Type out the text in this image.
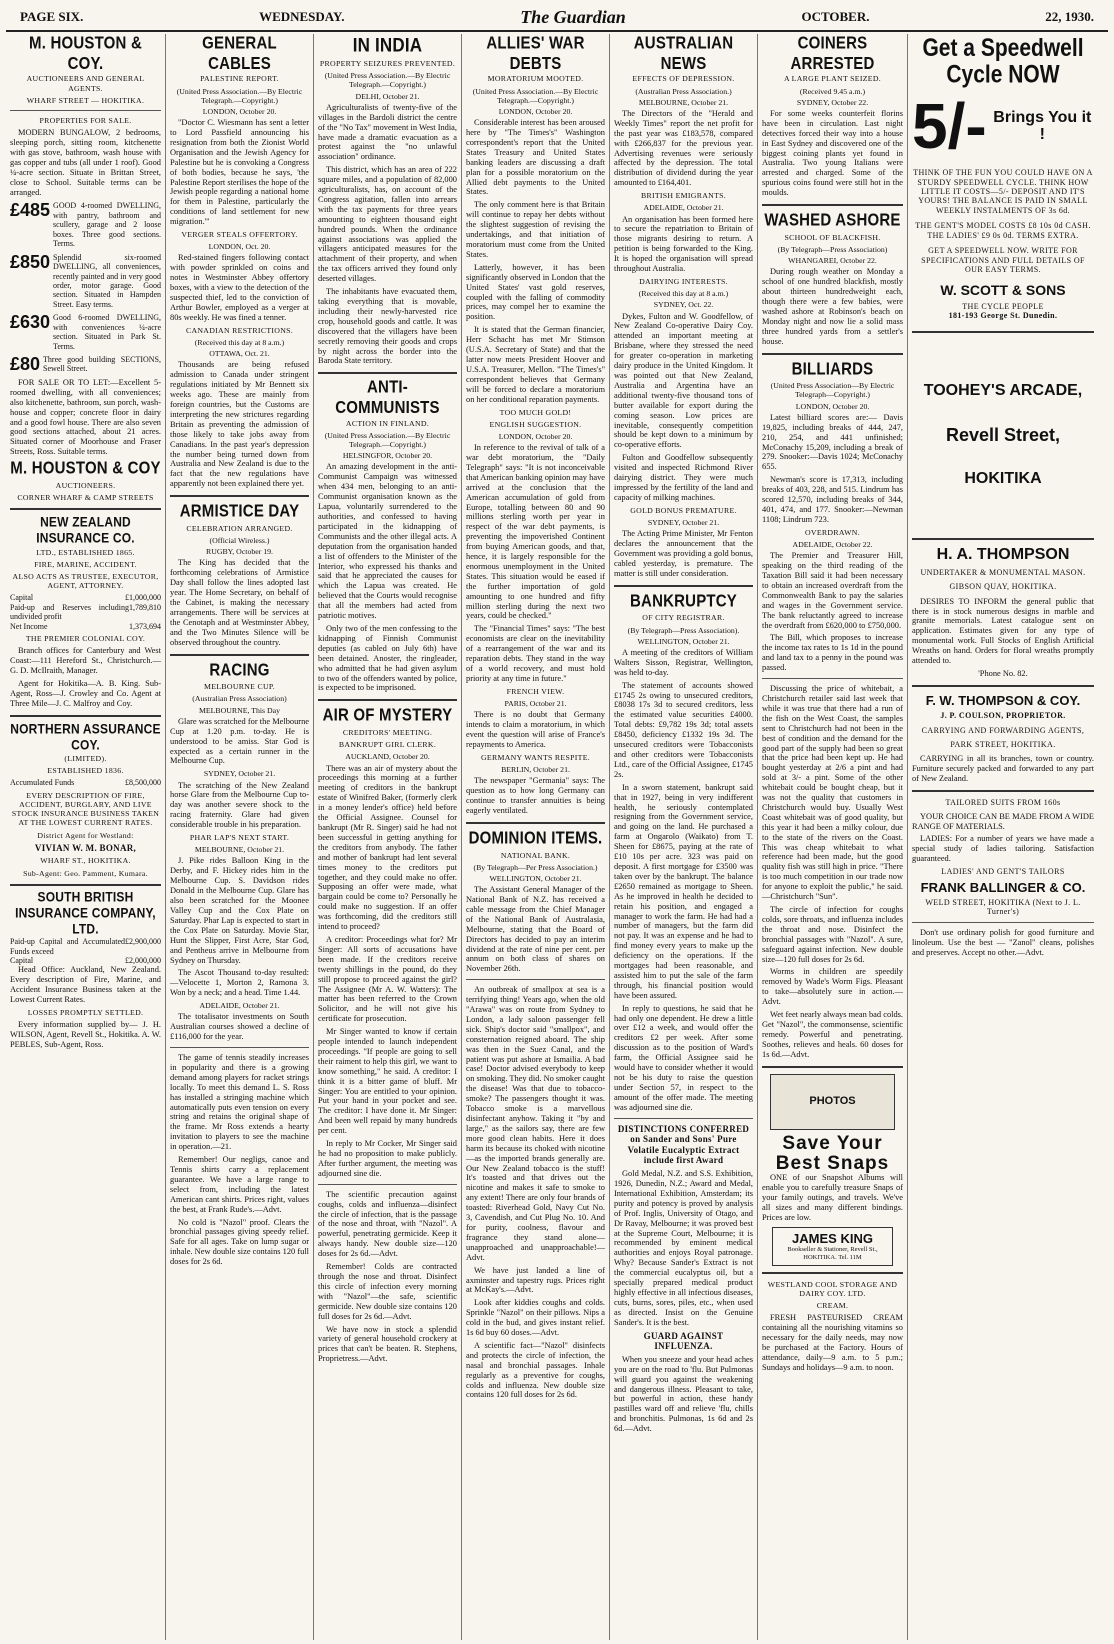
PAGE SIX.	WEDNESDAY.	The Guardian	OCTOBER.	22, 1930.
M. HOUSTON & COY.
AUCTIONEERS AND GENERAL AGENTS.
WHARF STREET — HOKITIKA.
PROPERTIES FOR SALE.

MODERN BUNGALOW, 2 bedrooms, sleeping porch, sitting room, kitchenette with gas stove, bathroom, wash house with gas copper and tubs (all under 1 roof). Good ¼-acre section. Situate in Brittan Street, close to School. Suitable terms can be arranged.

£485 GOOD 4-roomed DWELLING, with pantry, bathroom and scullery, garage and 2 loose boxes. Three good sections. Terms.
£850 Splendid six-roomed DWELLING, all conveniences, recently painted and in very good order, motor garage. Good section. Situated in Hampden Street. Easy terms.
£630 Good 6-roomed DWELLING, with conveniences ¼-acre section. Situated in Park St. Terms.
£80 Three good building SECTIONS, Sewell Street.

FOR SALE OR TO LET:—Excellent 5-roomed dwelling, with all conveniences; also kitchenette, bathroom, sun porch, wash-house and copper; concrete floor in dairy and a good fowl house. There are also seven good sections attached, about 21 acres. Situated corner of Moorhouse and Fraser Streets, Ross. Suitable terms.

M. HOUSTON & COY
AUCTIONEERS.
CORNER WHARF & CAMP STREETS
NEW ZEALAND INSURANCE CO.
LTD., ESTABLISHED 1865.
FIRE, MARINE, ACCIDENT.
ALSO ACTS AS TRUSTEE, EXECUTOR, AGENT, ATTORNEY.
Capital	£1,000,000
Paid-up and Reserves including undivided profit
1,789,810
Net Income	1,373,694
THE PREMIER COLONIAL COY.

Branch offices for Canterbury and West Coast:—111 Hereford St., Christchurch.—G. D. McIlraith, Manager.

Agent for Hokitika—A. B. King. Sub-Agent, Ross—J. Crowley and Co. Agent at Three Mile—J. C. Malfroy and Coy.

NORTHERN ASSURANCE COY.
(LIMITED).
ESTABLISHED 1836.
Accumulated Funds	£8,500,000
EVERY DESCRIPTION OF FIRE, ACCIDENT, BURGLARY, AND LIVE STOCK INSURANCE BUSINESS TAKEN AT THE LOWEST CURRENT RATES.
District Agent for Westland:
VIVIAN W. M. BONAR,
WHARF ST., HOKITIKA.
Sub-Agent: Geo. Pamment, Kumara.
SOUTH BRITISH INSURANCE COMPANY, LTD.
Paid-up Capital and Accumulated Funds exceed
£2,900,000
Capital	£2,000,000

Head Office: Auckland, New Zealand. Every description of Fire, Marine, and Accident Insurance Business taken at the Lowest Current Rates.

LOSSES PROMPTLY SETTLED.

Every information supplied by— J. H. WILSON, Agent, Revell St., Hokitika. A. W. PEBLES, Sub-Agent, Ross.

GENERAL CABLES
PALESTINE REPORT.
(United Press Association.—By Electric Telegraph.—Copyright.)
LONDON, October 20.

"Doctor C. Wiesmann has sent a letter to Lord Passfield announcing his resignation from both the Zionist World Organisation and the Jewish Agency for Palestine but he is convoking a Congress of both bodies, because he says, 'the Palestine Report sterilises the hope of the Jewish people regarding a national home for them in Palestine, particularly the conditions of land settlement for new migration.'"

VERGER STEALS OFFERTORY.
LONDON, Oct. 20.

Red-stained fingers following contact with powder sprinkled on coins and notes in Westminster Abbey offertory boxes, with a view to the detection of the suspected thief, led to the conviction of Arthur Bowler, employed as a verger at 80s weekly. He was fined a tenner.

CANADIAN RESTRICTIONS.
(Received this day at 8 a.m.)
OTTAWA, Oct. 21.

Thousands are being refused admission to Canada under stringent regulations initiated by Mr Bennett six weeks ago. These are mainly from foreign countries, but the Customs are interpreting the new strictures regarding Britain as preventing the admission of those likely to take jobs away from Canadians. In the past year's depression the number being turned down from Australia and New Zealand is due to the fact that the new regulations have apparently not been explained there yet.

ARMISTICE DAY
CELEBRATION ARRANGED.
(Official Wireless.)
RUGBY, October 19.

The King has decided that the forthcoming celebrations of Armistice Day shall follow the lines adopted last year. The Home Secretary, on behalf of the Cabinet, is making the necessary arrangements. There will be services at the Cenotaph and at Westminster Abbey, and the Two Minutes Silence will be observed throughout the country.

RACING
MELBOURNE CUP.
(Australian Press Association)
MELBOURNE, This Day

Glare was scratched for the Melbourne Cup at 1.20 p.m. to-day. He is understood to be amiss. Star God is expected as a certain runner in the Melbourne Cup.

SYDNEY, October 21.

The scratching of the New Zealand horse Glare from the Melbourne Cup to-day was another severe shock to the racing fraternity. Glare had given considerable trouble in his preparation.

PHAR LAP'S NEXT START.
MELBOURNE, October 21.

J. Pike rides Balloon King in the Derby, and F. Hickey rides him in the Melbourne Cup. S. Davidson rides Donald in the Melbourne Cup. Glare has also been scratched for the Moonee Valley Cup and the Cox Plate on Saturday. Phar Lap is expected to start in the Cox Plate on Saturday. Movie Star, Hunt the Slipper, First Acre, Star God, and Pentheus arrive in Melbourne from Sydney on Thursday.

The Ascot Thousand to-day resulted:—Velocette 1, Morton 2, Ramona 3. Won by a neck; and a head. Time 1.44.

ADELAIDE, October 21.

The totalisator investments on South Australian courses showed a decline of £116,000 for the year.

The game of tennis steadily increases in popularity and there is a growing demand among players for racket strings locally. To meet this demand L. S. Ross has installed a stringing machine which automatically puts even tension on every string and retains the original shape of the frame. Mr Ross extends a hearty invitation to players to see the machine in operation.—21.

Remember! Our negligs, canoe and Tennis shirts carry a replacement guarantee. We have a large range to select from, including the latest American cant shirts. Prices right, values the best, at Frank Rude's.—Advt.

No cold is "Nazol" proof. Clears the bronchial passages giving speedy relief. Safe for all ages. Take on lump sugar or inhale. New double size contains 120 full doses for 2s 6d.

IN INDIA
PROPERTY SEIZURES PREVENTED.
(United Press Association.—By Electric Telegraph.—Copyright.)
DELHI, October 21.

Agriculturalists of twenty-five of the villages in the Bardoli district the centre of the "No Tax" movement in West India, have made a dramatic evacuation as a protest against the "no unlawful association" ordinance.

This district, which has an area of 222 square miles, and a population of 82,000 agriculturalists, has, on account of the Congress agitation, fallen into arrears with the tax payments for three years amounting to eighteen thousand eight hundred pounds. When the ordinance against associations was applied the villagers anticipated measures for the attachment of their property, and when the tax officers arrived they found only deserted villages.

The inhabitants have evacuated them, taking everything that is movable, including their newly-harvested rice crop, household goods and cattle. It was discovered that the villagers have been secretly removing their goods and crops by night across the border into the Baroda State territory.

ANTI-COMMUNISTS
ACTION IN FINLAND.
(United Press Association.—By Electric Telegraph.—Copyright.)
HELSINGFOR, October 20.

An amazing development in the anti-Communist Campaign was witnessed when 434 men, belonging to an anti-Communist organisation known as the Lapua, voluntarily surrendered to the authorities, and confessed to having participated in the kidnapping of Communists and the other illegal acts. A deputation from the organisation handed a list of offenders to the Minister of the Interior, who expressed his thanks and said that he appreciated the causes for which the Lapua was created. He believed that the Courts would recognise that all the members had acted from patriotic motives.

Only two of the men confessing to the kidnapping of Finnish Communist deputies (as cabled on July 6th) have been detained. Anoster, the ringleader, who admitted that he had given asylum to two of the offenders wanted by police, is expected to be imprisoned.

AIR OF MYSTERY
CREDITORS' MEETING.
BANKRUPT GIRL CLERK.
AUCKLAND, October 20.

There was an air of mystery about the proceedings this morning at a further meeting of creditors in the bankrupt estate of Winifred Baker, (formerly clerk in a money lender's office) held before the Official Assignee. Counsel for bankrupt (Mr R. Singer) said he had not been successful in getting anything for the creditors from anybody. The father and mother of bankrupt had lent several times money to the creditors put together, and they could make no offer. Supposing an offer were made, what bargain could be come to? Personally he could make no suggestion. If an offer was forthcoming, did the creditors still intend to proceed?

A creditor: Proceedings what for? Mr Singer: All sorts of accusations have been made. If the creditors receive twenty shillings in the pound, do they still propose to proceed against the girl? The Assignee (Mr A. W. Watters): The matter has been referred to the Crown Solicitor, and he will not give his certificate for prosecution.

Mr Singer wanted to know if certain people intended to launch independent proceedings. "If people are going to sell their raiment to help this girl, we want to know something," he said. A creditor: I think it is a bitter game of bluff. Mr Singer: You are entitled to your opinion. Put your hand in your pocket and see. The creditor: I have done it. Mr Singer: And been well repaid by many hundreds per cent.

In reply to Mr Cocker, Mr Singer said he had no proposition to make publicly. After further argument, the meeting was adjourned sine die.

The scientific precaution against coughs, colds and influenza—disinfect the circle of infection, that is the passage of the nose and throat, with "Nazol". A powerful, penetrating germicide. Keep it always handy. New double size—120 doses for 2s 6d.—Advt.

Remember! Colds are contracted through the nose and throat. Disinfect this circle of infection every morning with "Nazol"—the safe, scientific germicide. New double size contains 120 full doses for 2s 6d.—Advt.

We have now in stock a splendid variety of general household crockery at prices that can't be beaten. R. Stephens, Proprietress.—Advt.

ALLIES' WAR DEBTS
MORATORIUM MOOTED.
(United Press Association.—By Electric Telegraph.—Copyright.)
LONDON, October 20.

Considerable interest has been aroused here by "The Times's" Washington correspondent's report that the United States Treasury and United States banking leaders are discussing a draft plan for a possible moratorium on the Allied debt payments to the United States.

The only comment here is that Britain will continue to repay her debts without the slightest suggestion of revising the undertakings, and that initiation of moratorium must come from the United States.

Latterly, however, it has been significantly observed in London that the United States' vast gold reserves, coupled with the falling of commodity prices, may compel her to examine the position.

It is stated that the German financier, Herr Schacht has met Mr Stimson (U.S.A. Secretary of State) and that the latter now meets President Hoover and U.S.A. Treasurer, Mellon. "The Times's" correspondent believes that Germany will be forced to declare a moratorium on her conditional reparation payments.

TOO MUCH GOLD!
ENGLISH SUGGESTION.
LONDON, October 20.

In reference to the revival of talk of a war debt moratorium, the "Daily Telegraph" says: "It is not inconceivable that American banking opinion may have arrived at the conclusion that the American accumulation of gold from Europe, totalling between 80 and 90 millions sterling worth per year in respect of the war debt payments, is preventing the impoverished Continent from buying American goods, and that, hence, it is largely responsible for the enormous unemployment in the United States. This situation would be eased if the further importation of gold amounting to one hundred and fifty million sterling during the next two years, could be checked."

The "Financial Times" says: "The best economists are clear on the inevitability of a rearrangement of the war and its reparation debts. They stand in the way of a world recovery, and must hold priority at any time in future."

FRENCH VIEW.
PARIS, October 21.

There is no doubt that Germany intends to claim a moratorium, in which event the question will arise of France's repayments to America.

GERMANY WANTS RESPITE.
BERLIN, October 21.

The newspaper "Germania" says: The question as to how long Germany can continue to transfer annuities is being eagerly ventilated.

DOMINION ITEMS.
NATIONAL BANK.
(By Telegraph—Per Press Association.)
WELLINGTON, October 21.

The Assistant General Manager of the National Bank of N.Z. has received a cable message from the Chief Manager of the National Bank of Australasia, Melbourne, stating that the Board of Directors has decided to pay an interim dividend at the rate of nine per cent. per annum on both class of shares on November 26th.

An outbreak of smallpox at sea is a terrifying thing! Years ago, when the old "Arawa" was on route from Sydney to London, a lady saloon passenger fell sick. Ship's doctor said "smallpox", and consternation reigned aboard. The ship was then in the Suez Canal, and the patient was put ashore at Ismailia. A bad case! Doctor advised everybody to keep on smoking. They did. No smoker caught the disease! Was that due to tobacco-smoke? The passengers thought it was. Tobacco smoke is a marvellous disinfectant anyhow. Taking it "by and large," as the sailors say, there are few more good clean habits. Here it does harm its because its choked with nicotine—as the imported brands generally are. Our New Zealand tobacco is the stuff! It's toasted and that drives out the nicotine and makes it safe to smoke to any extent! There are only four brands of toasted: Riverhead Gold, Navy Cut No. 3, Cavendish, and Cut Plug No. 10. And for purity, coolness, flavour and fragrance they stand alone—unapproached and unapproachable!—Advt.

We have just landed a line of axminster and tapestry rugs. Prices right at McKay's.—Advt.

Look after kiddies coughs and colds. Sprinkle "Nazol" on their pillows. Nips a cold in the bud, and gives instant relief. 1s 6d buy 60 doses.—Advt.

A scientific fact—"Nazol" disinfects and protects the circle of infection, the nasal and bronchial passages. Inhale regularly as a preventive for coughs, colds and influenza. New double size contains 120 full doses for 2s 6d.

AUSTRALIAN NEWS
EFFECTS OF DEPRESSION.
(Australian Press Association.)
MELBOURNE, October 21.

The Directors of the "Herald and Weekly Times" report the net profit for the past year was £183,578, compared with £266,837 for the previous year. Advertising revenues were seriously affected by the depression. The total distribution of dividend during the year amounted to £164,401.

BRITISH EMIGRANTS.
ADELAIDE, October 21.

An organisation has been formed here to secure the repatriation to Britain of those migrants desiring to return. A petition is being forwarded to the King. It is hoped the organisation will spread throughout Australia.

DAIRYING INTERESTS.
(Received this day at 8 a.m.)
SYDNEY, Oct. 22.

Dykes, Fulton and W. Goodfellow, of New Zealand Co-operative Dairy Coy. attended an important meeting at Brisbane, where they stressed the need for greater co-operation in marketing dairy produce in the United Kingdom. It was pointed out that New Zealand, Australia and Argentina have an additional twenty-five thousand tons of butter available for export during the coming season. Low prices are inevitable, consequently competition should be kept down to a minimum by co-operative efforts.

Fulton and Goodfellow subsequently visited and inspected Richmond River dairying district. They were much impressed by the fertility of the land and capacity of milking machines.

GOLD BONUS PREMATURE.
SYDNEY, October 21.

The Acting Prime Minister, Mr Fenton declares the announcement that the Government was providing a gold bonus, cabled yesterday, is premature. The matter is still under consideration.

BANKRUPTCY
OF CITY REGISTRAR.
(By Telegraph—Press Association).
WELLINGTON, October 21.

A meeting of the creditors of William Walters Sisson, Registrar, Wellington, was held to-day.

The statement of accounts showed £1745 2s owing to unsecured creditors, £8038 17s 3d to secured creditors, less the estimated value securities £4000. Total debts: £9,782 19s 3d; total assets £8450, deficiency £1332 19s 3d. The unsecured creditors were Tobacconists and other creditors were Tobacconists Ltd., care of the Official Assignee, £1745 2s.

In a sworn statement, bankrupt said that in 1927, being in very indifferent health, he seriously contemplated resigning from the Government service, and going on the land. He purchased a farm at Ongarolo (Waikato) from T. Sheen for £8675, paying at the rate of £10 10s per acre. 323 was paid on deposit. A first mortgage for £3500 was taken over by the bankrupt. The balance £2650 remained as mortgage to Sheen. As he improved in health he decided to retain his position, and engaged a manager to work the farm. He had had a number of managers, but the farm did not pay. It was an expense and he had to find money every years to make up the deficiency on the operations. If the mortgages had been reasonable, and assisted him to put the sale of the farm through, his financial position would have been assured.

In reply to questions, he said that he had only one dependent. He drew a little over £12 a week, and would offer the creditors £2 per week. After some discussion as to the position of Ward's farm, the Official Assignee said he would have to consider whether it would not be his duty to raise the question under Section 57, in respect to the amount of the offer made. The meeting was adjourned sine die.

DISTINCTIONS CONFERRED on Sander and Sons' Pure Volatile Eucalyptic Extract include first Award

Gold Medal, N.Z. and S.S. Exhibition, 1926, Dunedin, N.Z.; Award and Medal, International Exhibition, Amsterdam; its purity and potency is proved by analysis of Prof. Inglis, University of Otago, and Dr Ravay, Melbourne; it was proved best at the Supreme Court, Melbourne; it is recommended by eminent medical authorities and enjoys Royal patronage. Why? Because Sander's Extract is not the commercial eucalyptus oil, but a specially prepared medical product highly effective in all infectious diseases, cuts, burns, sores, piles, etc., when used as directed. Insist on the Genuine Sander's. It is the best.

GUARD AGAINST INFLUENZA.

When you sneeze and your head aches you are on the road to 'flu. But Pulmonas will guard you against the weakening and dangerous illness. Pleasant to take, but powerful in action, these handy pastilles ward off and relieve 'flu, chills and bronchitis. Pulmonas, 1s 6d and 2s 6d.—Advt.

COINERS ARRESTED
A LARGE PLANT SEIZED.
(Received 9.45 a.m.)
SYDNEY, October 22.

For some weeks counterfeit florins have been in circulation. Last night detectives forced their way into a house in East Sydney and discovered one of the biggest coining plants yet found in Australia. Two young Italians were arrested and charged. Some of the spurious coins found were still hot in the moulds.

WASHED ASHORE
SCHOOL OF BLACKFISH.
(By Telegraph—Press Association)
WHANGAREI, October 22.

During rough weather on Monday a school of one hundred blackfish, mostly about thirteen hundredweight each, though there were a few babies, were washed ashore at Robinson's beach on Monday night and now lie a solid mass three hundred yards from a settler's house.

BILLIARDS
(United Press Association—By Electric Telegraph—Copyright.)
LONDON, October 20.

Latest billiard scores are:— Davis 19,825, including breaks of 444, 247, 210, 254, and 441 unfinished; McConachy 15,209, including a break of 279. Snooker:—Davis 1024; McConachy 655.

Newman's score is 17,313, including breaks of 403, 228, and 515. Lindrum has scored 12,570, including breaks of 344, 401, 474, and 177. Snooker:—Newman 1108; Lindrum 723.

OVERDRAWN.
ADELAIDE, October 22.

The Premier and Treasurer Hill, speaking on the third reading of the Taxation Bill said it had been necessary to obtain an increased overdraft from the Commonwealth Bank to pay the salaries and wages in the Government service. The bank reluctantly agreed to increase the overdraft from £620,000 to £750,000.

The Bill, which proposes to increase the income tax rates to 1s 1d in the pound and land tax to a penny in the pound was passed.

Discussing the price of whitebait, a Christchurch retailer said last week that while it was true that there had a run of the fish on the West Coast, the samples sent to Christchurch had not been in the best of condition and the demand for the good part of the supply had been so great that the price had been kept up. He had bought yesterday at 2/6 a pint and had sold at 3/- a pint. Some of the other whitebait could be bought cheap, but it was not the quality that customers in Christchurch would buy. Usually West Coast whitebait was of good quality, but this year it had been a milky colour, due to the state of the rivers on the Coast. This was cheap whitebait to what reference had been made, but the good quality fish was still high in price. "There is too much competition in our trade now for anyone to exploit the public," he said.—Christchurch "Sun".

The circle of infection for coughs colds, sore throats, and influenza includes the throat and nose. Disinfect the bronchial passages with "Nazol". A sure, safeguard against infection. New double size—120 full doses for 2s 6d.

Worms in children are speedily removed by Wade's Worm Figs. Pleasant to take—absolutely sure in action.—Advt.

Wet feet nearly always mean bad colds. Get "Nazol", the commonsense, scientific remedy. Powerful and penetrating. Soothes, relieves and heals. 60 doses for 1s 6d.—Advt.

PHOTOS
Save Your Best Snaps

ONE of our Snapshot Albums will enable you to carefully treasure Snaps of your family outings, and travels. We've all sizes and many different bindings. Prices are low.

JAMES KING
Bookseller & Stationer, Revell St., HOKITIKA. Tel. 11M
WESTLAND COOL STORAGE AND DAIRY COY. LTD.
CREAM.

FRESH PASTEURISED CREAM containing all the nourishing vitamins so necessary for the daily needs, may now be purchased at the Factory. Hours of attendance, daily—9 a.m. to 5 p.m.; Sundays and holidays—9 a.m. to noon.

Get a Speedwell Cycle NOW
5/- Brings You it !
THINK OF THE FUN YOU COULD HAVE ON A STURDY SPEEDWELL CYCLE. THINK HOW LITTLE IT COSTS—5/- DEPOSIT AND IT'S YOURS! THE BALANCE IS PAID IN SMALL WEEKLY INSTALMENTS OF 3s 6d.
THE GENT'S MODEL COSTS £8 10s 0d CASH. THE LADIES' £9 0s 0d. TERMS EXTRA.
GET A SPEEDWELL NOW. WRITE FOR SPECIFICATIONS AND FULL DETAILS OF OUR EASY TERMS.
W. SCOTT & SONS
THE CYCLE PEOPLE
181-193 George St. Dunedin.
TOOHEY'S ARCADE,
Revell Street,
HOKITIKA
H. A. THOMPSON
UNDERTAKER & MONUMENTAL MASON.
GIBSON QUAY, HOKITIKA.

DESIRES TO INFORM the general public that there is in stock numerous designs in marble and granite memorials. Latest catalogue sent on application. Estimates given for any type of monumental work. Full Stocks of English Artificial Wreaths on hand. Orders for floral wreaths promptly attended to.

'Phone No. 82.
F. W. THOMPSON & COY.
J. P. COULSON, PROPRIETOR.
CARRYING AND FORWARDING AGENTS,
PARK STREET, HOKITIKA.

CARRYING in all its branches, town or country. Furniture securely packed and forwarded to any part of New Zealand.

TAILORED SUITS FROM 160s

YOUR CHOICE CAN BE MADE FROM A WIDE RANGE OF MATERIALS.

LADIES: For a number of years we have made a special study of ladies tailoring. Satisfaction guaranteed.

LADIES' AND GENT'S TAILORS
FRANK BALLINGER & CO.
WELD STREET, HOKITIKA (Next to J. L. Turner's)

Don't use ordinary polish for good furniture and linoleum. Use the best — "Zanol" cleans, polishes and preserves. Accept no other.—Advt.
